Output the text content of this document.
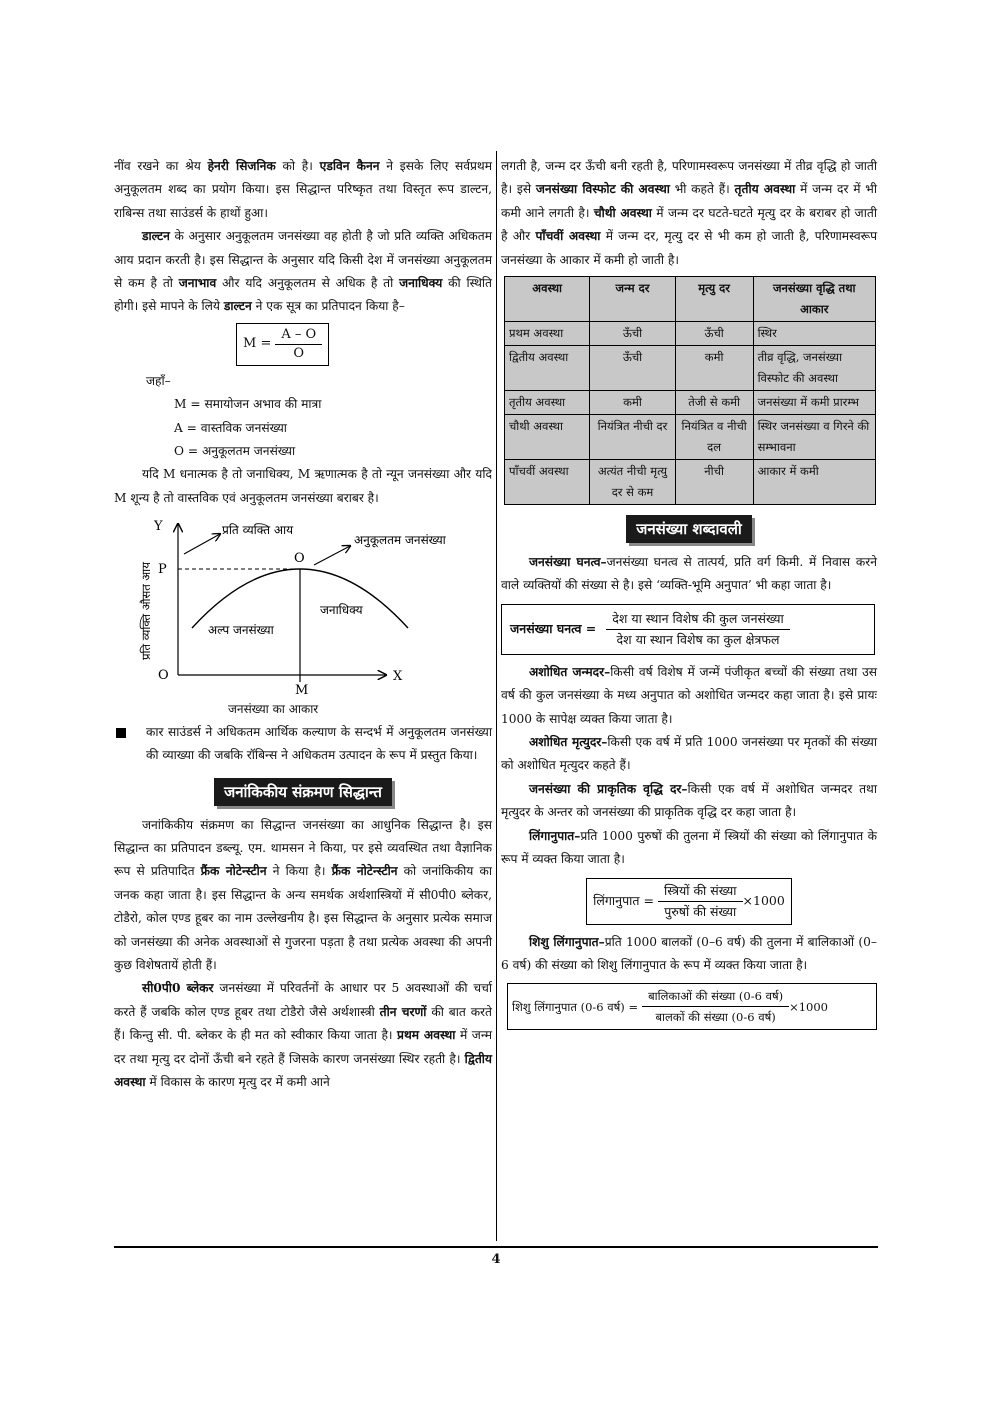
नींव रखने का श्रेय हेनरी सिजनिक को है। एडविन कैनन ने इसके लिए सर्वप्रथम अनुकूलतम शब्द का प्रयोग किया। इस सिद्धान्त परिष्कृत तथा विस्तृत रूप डाल्टन, राबिन्स तथा साउंडर्स के हाथों हुआ।

डाल्टन के अनुसार अनुकूलतम जनसंख्या वह होती है जो प्रति व्यक्ति अधिकतम आय प्रदान करती है। इस सिद्धान्त के अनुसार यदि किसी देश में जनसंख्या अनुकूलतम से कम है तो जनाभाव और यदि अनुकूलतम से अधिक है तो जनाधिक्य की स्थिति होगी। इसे मापने के लिये डाल्टन ने एक सूत्र का प्रतिपादन किया है–

$M = \frac{A - O}{O}$
जहाँ–
M = समायोजन अभाव की मात्रा
A = वास्तविक जनसंख्या
O = अनुकूलतम जनसंख्या

यदि M धनात्मक है तो जनाधिक्य, M ऋणात्मक है तो न्यून जनसंख्या और यदि M शून्य है तो वास्तविक एवं अनुकूलतम जनसंख्या बराबर है।

Y
X
O
P
O
M
प्रति व्यक्ति आय
अनुकूलतम जनसंख्या
अल्प जनसंख्या
जनाधिक्य
प्रति व्यक्ति औसत आय
जनसंख्या का आकार
कार साउंडर्स ने अधिकतम आर्थिक कल्याण के सन्दर्भ में अनुकूलतम जनसंख्या की व्याख्या की जबकि रॉबिन्स ने अधिकतम उत्पादन के रूप में प्रस्तुत किया।
जनांकिकीय संक्रमण सिद्धान्त

जनांकिकीय संक्रमण का सिद्धान्त जनसंख्या का आधुनिक सिद्धान्त है। इस सिद्धान्त का प्रतिपादन डब्ल्यू. एम. थामसन ने किया, पर इसे व्यवस्थित तथा वैज्ञानिक रूप से प्रतिपादित फ्रैंक नोटेन्स्टीन ने किया है। फ्रैंक नोटेन्स्टीन को जनांकिकीय का जनक कहा जाता है। इस सिद्धान्त के अन्य समर्थक अर्थशास्त्रियों में सी0पी0 ब्लेकर, टोडैरो, कोल एण्ड हूबर का नाम उल्लेखनीय है। इस सिद्धान्त के अनुसार प्रत्येक समाज को जनसंख्या की अनेक अवस्थाओं से गुजरना पड़ता है तथा प्रत्येक अवस्था की अपनी कुछ विशेषतायें होती हैं।

सी0पी0 ब्लेकर जनसंख्या में परिवर्तनों के आधार पर 5 अवस्थाओं की चर्चा करते हैं जबकि कोल एण्ड हूबर तथा टोडैरो जैसे अर्थशास्त्री तीन चरणों की बात करते हैं। किन्तु सी. पी. ब्लेकर के ही मत को स्वीकार किया जाता है। प्रथम अवस्था में जन्म दर तथा मृत्यु दर दोनों ऊँची बने रहते हैं जिसके कारण जनसंख्या स्थिर रहती है। द्वितीय अवस्था में विकास के कारण मृत्यु दर में कमी आने

लगती है, जन्म दर ऊँची बनी रहती है, परिणामस्वरूप जनसंख्या में तीव्र वृद्धि हो जाती है। इसे जनसंख्या विस्फोट की अवस्था भी कहते हैं। तृतीय अवस्था में जन्म दर में भी कमी आने लगती है। चौथी अवस्था में जन्म दर घटते-घटते मृत्यु दर के बराबर हो जाती है और पाँचवीं अवस्था में जन्म दर, मृत्यु दर से भी कम हो जाती है, परिणामस्वरूप जनसंख्या के आकार में कमी हो जाती है।

अवस्था	जन्म दर	मृत्यु दर	जनसंख्या वृद्धि तथा आकार
प्रथम अवस्था	ऊँची	ऊँची	स्थिर
द्वितीय अवस्था	ऊँची	कमी	तीव्र वृद्धि, जनसंख्या विस्फोट की अवस्था
तृतीय अवस्था	कमी	तेजी से कमी	जनसंख्या में कमी प्रारम्भ
चौथी अवस्था	नियंत्रित नीची दर	नियंत्रित व नीची दल	स्थिर जनसंख्या व गिरने की सम्भावना
पाँचवीं अवस्था	अत्यंत नीची मृत्यु दर से कम	नीची	आकार में कमी
जनसंख्या शब्दावली

जनसंख्या घनत्व–जनसंख्या घनत्व से तात्पर्य, प्रति वर्ग किमी. में निवास करने वाले व्यक्तियों की संख्या से है। इसे ‘व्यक्ति-भूमि अनुपात’ भी कहा जाता है।

जनसंख्या घनत्व = $\frac{\text{देश या स्थान विशेष की कुल जनसंख्या}}{\text{देश या स्थान विशेष का कुल क्षेत्रफल}}$

अशोधित जन्मदर–किसी वर्ष विशेष में जन्में पंजीकृत बच्चों की संख्या तथा उस वर्ष की कुल जनसंख्या के मध्य अनुपात को अशोधित जन्मदर कहा जाता है। इसे प्रायः 1000 के सापेक्ष व्यक्त किया जाता है।

अशोधित मृत्युदर–किसी एक वर्ष में प्रति 1000 जनसंख्या पर मृतकों की संख्या को अशोधित मृत्युदर कहते हैं।

जनसंख्या की प्राकृतिक वृद्धि दर–किसी एक वर्ष में अशोधित जन्मदर तथा मृत्युदर के अन्तर को जनसंख्या की प्राकृतिक वृद्धि दर कहा जाता है।

लिंगानुपात–प्रति 1000 पुरुषों की तुलना में स्त्रियों की संख्या को लिंगानुपात के रूप में व्यक्त किया जाता है।

लिंगानुपात = $\frac{\text{स्त्रियों की संख्या}}{\text{पुरुषों की संख्या}} \times 1000$

शिशु लिंगानुपात–प्रति 1000 बालकों (0–6 वर्ष) की तुलना में बालिकाओं (0–6 वर्ष) की संख्या को शिशु लिंगानुपात के रूप में व्यक्त किया जाता है।

शिशु लिंगानुपात (0-6 वर्ष) = $\frac{\text{बालिकाओं की संख्या (0-6 वर्ष)}}{\text{बालकों की संख्या (0-6 वर्ष)}} \times 1000$
4
